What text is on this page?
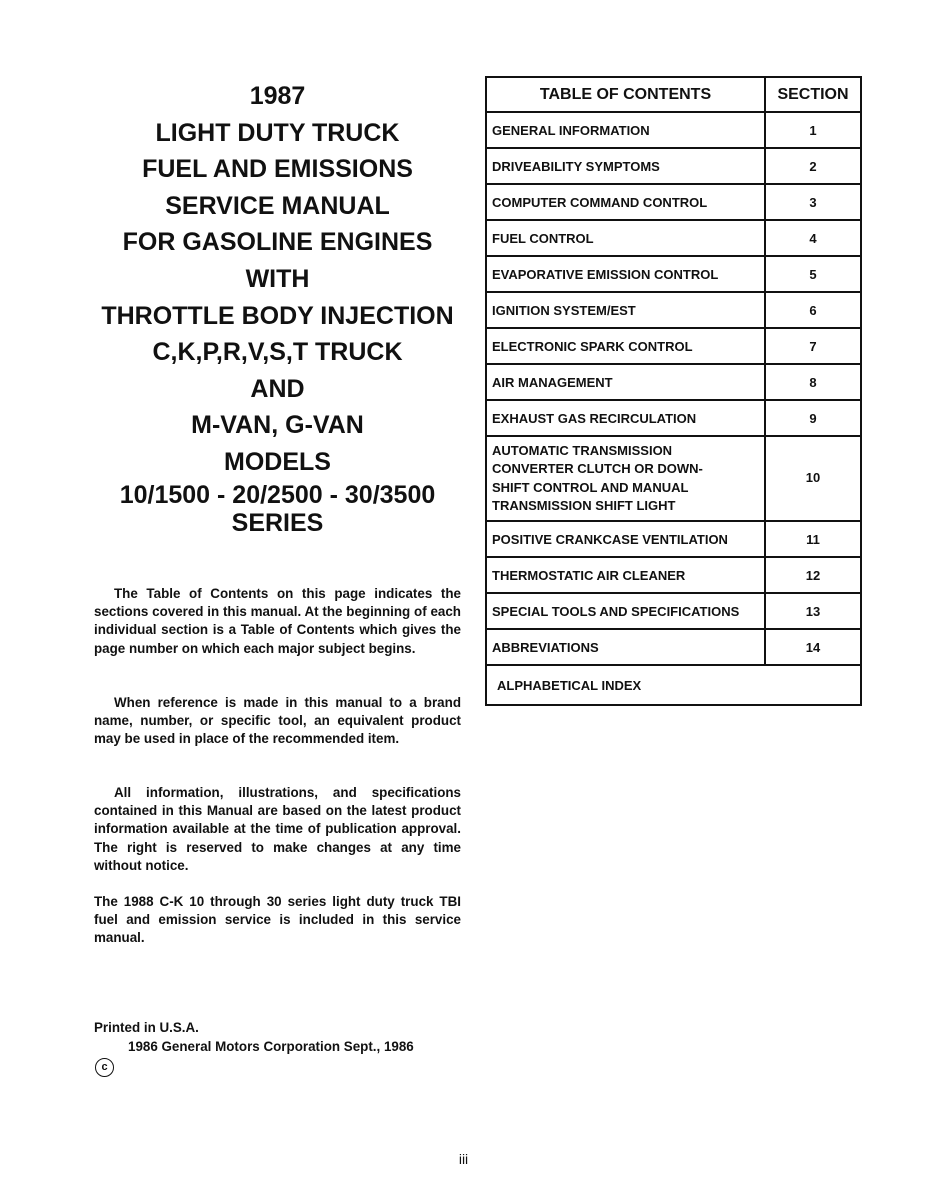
1987
LIGHT DUTY TRUCK
FUEL AND EMISSIONS
SERVICE MANUAL
FOR GASOLINE ENGINES
WITH
THROTTLE BODY INJECTION
C,K,P,R,V,S,T TRUCK
AND
M-VAN, G-VAN
MODELS
10/1500 - 20/2500 - 30/3500
SERIES

The Table of Contents on this page indicates the sections covered in this manual. At the beginning of each individual section is a Table of Contents which gives the page number on which each major subject begins.

When reference is made in this manual to a brand name, number, or specific tool, an equivalent product may be used in place of the recommended item.

All information, illustrations, and specifications contained in this Manual are based on the latest product information available at the time of publication approval. The right is reserved to make changes at any time without notice.

The 1988 C-K 10 through 30 series light duty truck TBI fuel and emission service is included in this service manual.

Printed in U.S.A.
1986 General Motors Corporation Sept., 1986
c
iii
TABLE OF CONTENTS	SECTION
GENERAL INFORMATION	1
DRIVEABILITY SYMPTOMS	2
COMPUTER COMMAND CONTROL	3
FUEL CONTROL	4
EVAPORATIVE EMISSION CONTROL	5
IGNITION SYSTEM/EST	6
ELECTRONIC SPARK CONTROL	7
AIR MANAGEMENT	8
EXHAUST GAS RECIRCULATION	9

AUTOMATIC TRANSMISSION
CONVERTER CLUTCH OR DOWN-
SHIFT CONTROL AND MANUAL
TRANSMISSION SHIFT LIGHT	10
POSITIVE CRANKCASE VENTILATION	11
THERMOSTATIC AIR CLEANER	12
SPECIAL TOOLS AND SPECIFICATIONS	13
ABBREVIATIONS	14
ALPHABETICAL INDEX	
